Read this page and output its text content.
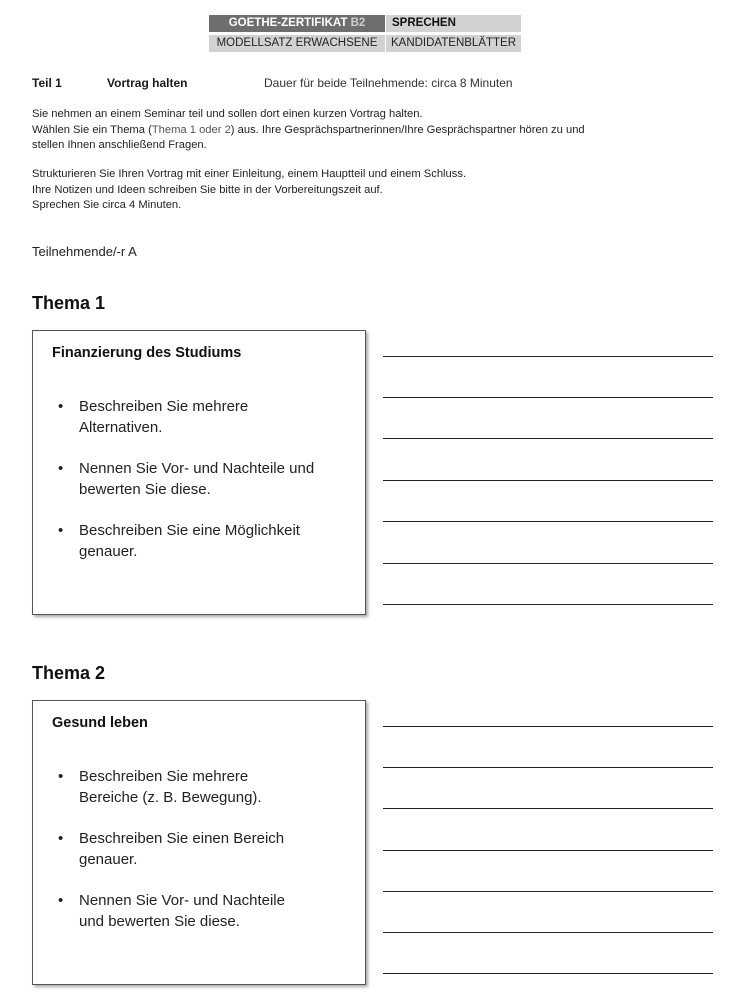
GOETHE-ZERTIFIKAT B2	SPRECHEN
MODELLSATZ ERWACHSENE	KANDIDATENBLÄTTER
Teil 1	Vortrag halten	Dauer für beide Teilnehmende: circa 8 Minuten

Sie nehmen an einem Seminar teil und sollen dort einen kurzen Vortrag halten.

Wählen Sie ein Thema (Thema 1 oder 2) aus. Ihre Gesprächspartnerinnen/Ihre Gesprächspartner hören zu und

stellen Ihnen anschließend Fragen.

Strukturieren Sie Ihren Vortrag mit einer Einleitung, einem Hauptteil und einem Schluss.

Ihre Notizen und Ideen schreiben Sie bitte in der Vorbereitungszeit auf.

Sprechen Sie circa 4 Minuten.

Teilnehmende/-r A
Thema 1
Finanzierung des Studiums
• Beschreiben Sie mehrere
Alternativen.
• Nennen Sie Vor- und Nachteile und
bewerten Sie diese.
• Beschreiben Sie eine Möglichkeit
genauer.
Thema 2
Gesund leben
• Beschreiben Sie mehrere
Bereiche (z. B. Bewegung).
• Beschreiben Sie einen Bereich
genauer.
• Nennen Sie Vor- und Nachteile
und bewerten Sie diese.
